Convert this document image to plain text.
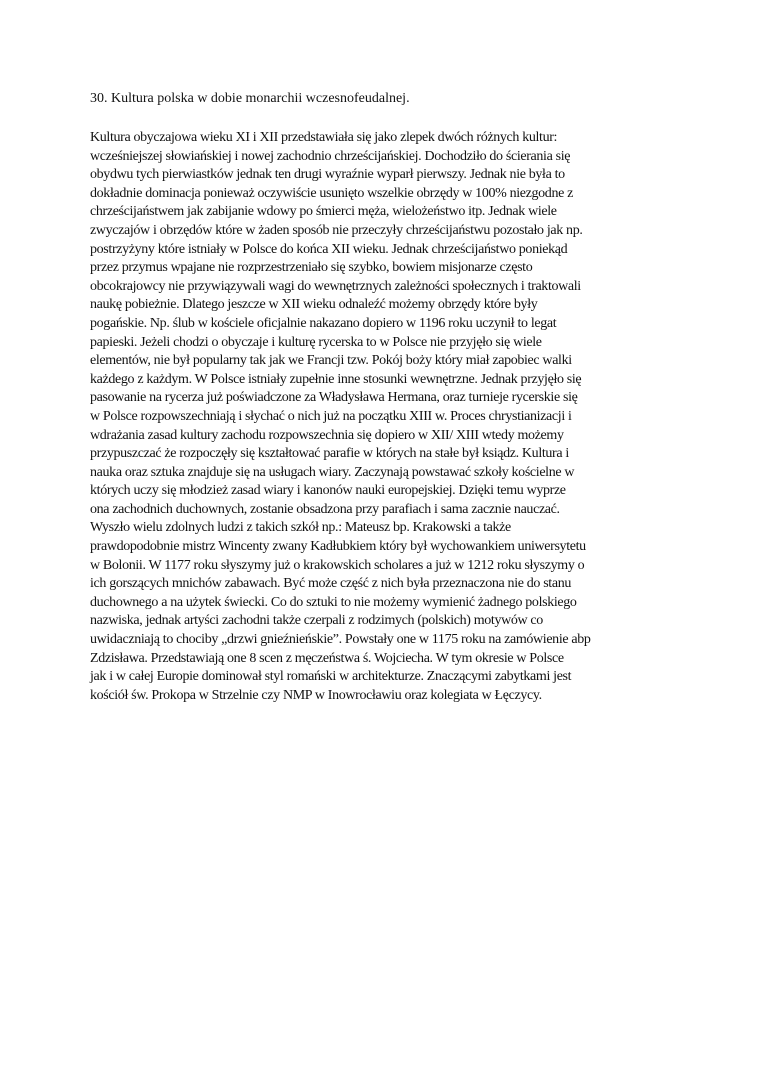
30. Kultura polska w dobie monarchii wczesnofeudalnej.
Kultura obyczajowa wieku XI i XII przedstawiała się jako zlepek dwóch różnych kultur:
wcześniejszej słowiańskiej i nowej zachodnio chrześcijańskiej. Dochodziło do ścierania się
obydwu tych pierwiastków jednak ten drugi wyraźnie wyparł pierwszy. Jednak nie była to
dokładnie dominacja ponieważ oczywiście usunięto wszelkie obrzędy w 100% niezgodne z
chrześcijaństwem jak zabijanie wdowy po śmierci męża, wielożeństwo itp. Jednak wiele
zwyczajów i obrzędów które w żaden sposób nie przeczyły chrześcijaństwu pozostało jak np.
postrzyżyny które istniały w Polsce do końca XII wieku. Jednak chrześcijaństwo poniekąd
przez przymus wpajane nie rozprzestrzeniało się szybko, bowiem misjonarze często
obcokrajowcy nie przywiązywali wagi do wewnętrznych zależności społecznych i traktowali
naukę pobieżnie. Dlatego jeszcze w XII wieku odnaleźć możemy obrzędy które były
pogańskie. Np. ślub w kościele oficjalnie nakazano dopiero w 1196 roku uczynił to legat
papieski. Jeżeli chodzi o obyczaje i kulturę rycerska to w Polsce nie przyjęło się wiele
elementów, nie był popularny tak jak we Francji tzw. Pokój boży który miał zapobiec walki
każdego z każdym. W Polsce istniały zupełnie inne stosunki wewnętrzne. Jednak przyjęło się
pasowanie na rycerza już poświadczone za Władysława Hermana, oraz turnieje rycerskie się
w Polsce rozpowszechniają i słychać o nich już na początku XIII w. Proces chrystianizacji i
wdrażania zasad kultury zachodu rozpowszechnia się dopiero w XII/ XIII wtedy możemy
przypuszczać że rozpoczęły się kształtować parafie w których na stałe był ksiądz. Kultura i
nauka oraz sztuka znajduje się na usługach wiary. Zaczynają powstawać szkoły kościelne w
których uczy się młodzież zasad wiary i kanonów nauki europejskiej. Dzięki temu wyprze
ona zachodnich duchownych, zostanie obsadzona przy parafiach i sama zacznie nauczać.
Wyszło wielu zdolnych ludzi z takich szkół np.: Mateusz bp. Krakowski a także
prawdopodobnie mistrz Wincenty zwany Kadłubkiem który był wychowankiem uniwersytetu
w Bolonii. W 1177 roku słyszymy już o krakowskich scholares a już w 1212 roku słyszymy o
ich gorszących mnichów zabawach. Być może część z nich była przeznaczona nie do stanu
duchownego a na użytek świecki. Co do sztuki to nie możemy wymienić żadnego polskiego
nazwiska, jednak artyści zachodni także czerpali z rodzimych (polskich) motywów co
uwidaczniają to chociby „drzwi gnieźnieńskie”. Powstały one w 1175 roku na zamówienie abp
Zdzisława. Przedstawiają one 8 scen z męczeństwa ś. Wojciecha. W tym okresie w Polsce
jak i w całej Europie dominował styl romański w architekturze. Znaczącymi zabytkami jest
kościół św. Prokopa w Strzelnie czy NMP w Inowrocławiu oraz kolegiata w Łęczycy.
